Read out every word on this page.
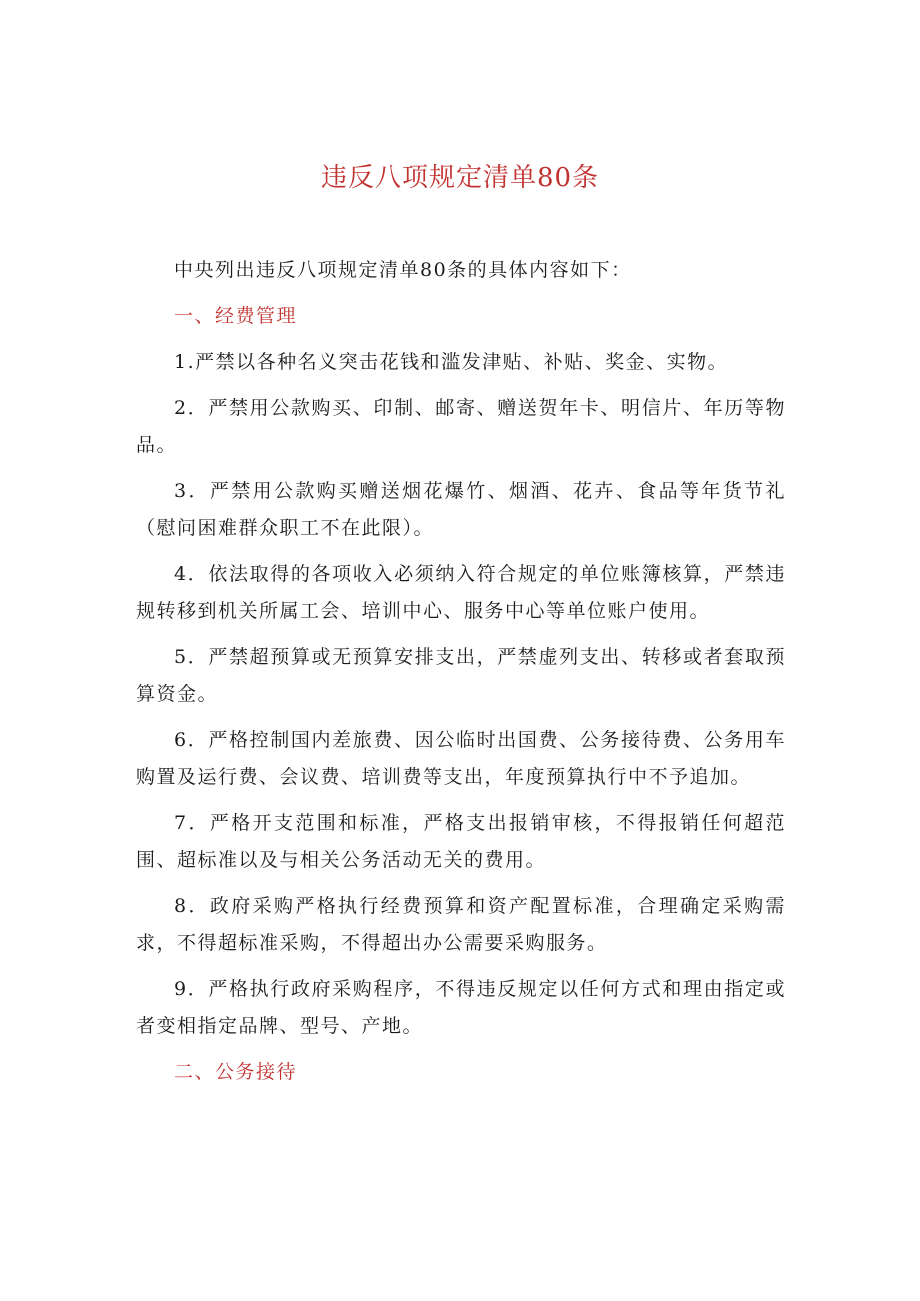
违反八项规定清单80条

中央列出违反八项规定清单80条的具体内容如下：

一、经费管理

1.严禁以各种名义突击花钱和滥发津贴、补贴、奖金、实物。

2．严禁用公款购买、印制、邮寄、赠送贺年卡、明信片、年历等物品。

3．严禁用公款购买赠送烟花爆竹、烟酒、花卉、食品等年货节礼（慰问困难群众职工不在此限）。

4．依法取得的各项收入必须纳入符合规定的单位账簿核算，严禁违规转移到机关所属工会、培训中心、服务中心等单位账户使用。

5．严禁超预算或无预算安排支出，严禁虚列支出、转移或者套取预算资金。

6．严格控制国内差旅费、因公临时出国费、公务接待费、公务用车购置及运行费、会议费、培训费等支出，年度预算执行中不予追加。

7．严格开支范围和标准，严格支出报销审核，不得报销任何超范围、超标准以及与相关公务活动无关的费用。

8．政府采购严格执行经费预算和资产配置标准，合理确定采购需求，不得超标准采购，不得超出办公需要采购服务。

9．严格执行政府采购程序，不得违反规定以任何方式和理由指定或者变相指定品牌、型号、产地。

二、公务接待
